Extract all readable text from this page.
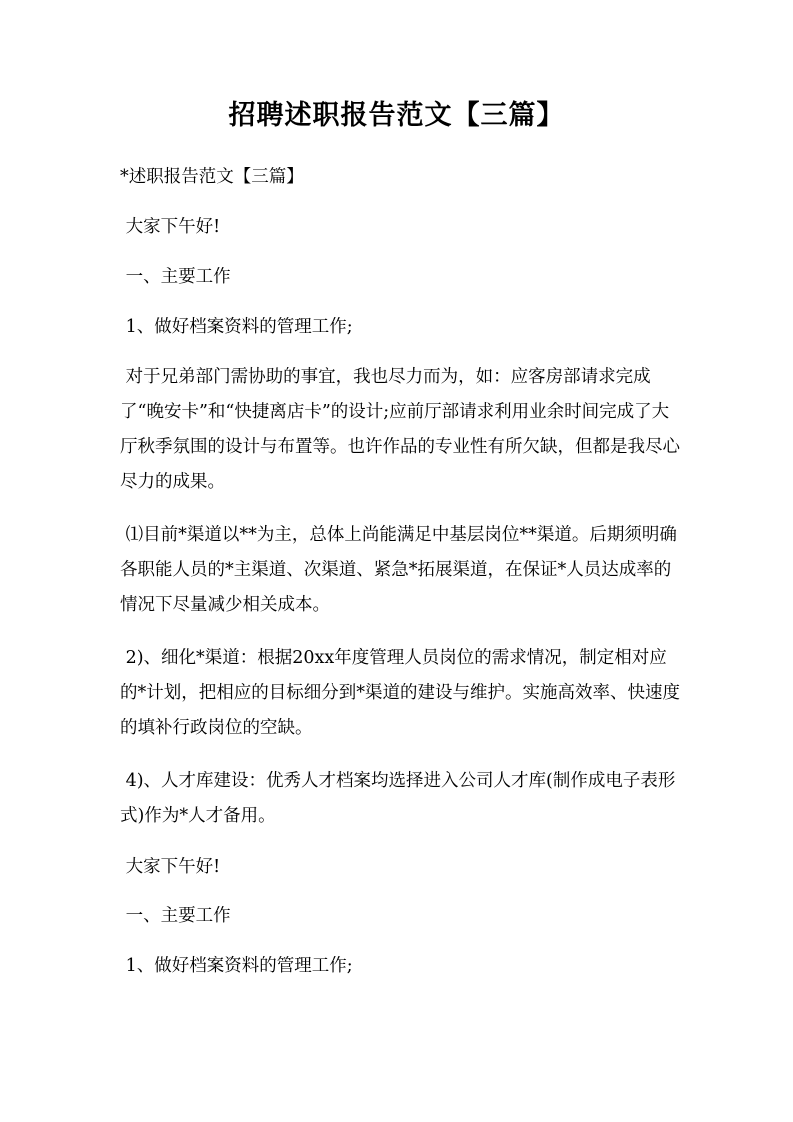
招聘述职报告范文【三篇】
*述职报告范文【三篇】
大家下午好!
一、主要工作
1、做好档案资料的管理工作;
对于兄弟部门需协助的事宜，我也尽力而为，如：应客房部请求完成了“晚安卡”和“快捷离店卡”的设计;应前厅部请求利用业余时间完成了大厅秋季氛围的设计与布置等。也许作品的专业性有所欠缺，但都是我尽心尽力的成果。
⑴目前*渠道以**为主，总体上尚能满足中基层岗位**渠道。后期须明确各职能人员的*主渠道、次渠道、紧急*拓展渠道，在保证*人员达成率的情况下尽量减少相关成本。
2)、细化*渠道：根据20xx年度管理人员岗位的需求情况，制定相对应的*计划，把相应的目标细分到*渠道的建设与维护。实施高效率、快速度的填补行政岗位的空缺。
4)、人才库建设：优秀人才档案均选择进入公司人才库(制作成电子表形式)作为*人才备用。
大家下午好!
一、主要工作
1、做好档案资料的管理工作;
